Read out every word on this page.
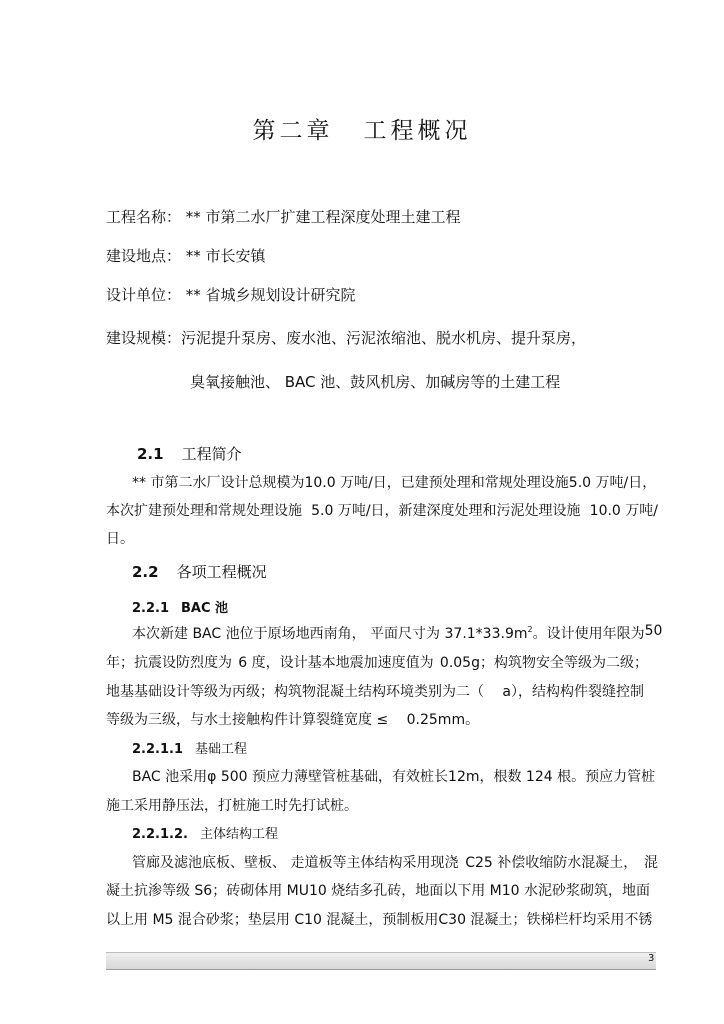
第二章 工程概况
工程名称： ** 市第二水厂扩建工程深度处理土建工程
建设地点： ** 市长安镇
设计单位： ** 省城乡规划设计研究院
建设规模：污泥提升泵房、废水池、污泥浓缩池、脱水机房、提升泵房，
臭氧接触池、 BAC 池、鼓风机房、加碱房等的土建工程
2.1 工程简介
** 市第二水厂设计总规模为 10.0 万吨/日，已建预处理和常规处理设施 5.0 万吨/日，
本次扩建预处理和常规处理设施 5.0 万吨/日，新建深度处理和污泥处理设施 10.0 万吨/
日。
2.2 各项工程概况
2.2.1 BAC 池
本次新建 BAC 池位于原场地西南角， 平面尺寸为 $37.1*33.9m^2$。设计使用年限为 50
年；抗震设防烈度为 6 度，设计基本地震加速度值为 0.05g；构筑物安全等级为二级；
地基基础设计等级为丙级；构筑物混凝土结构环境类别为二（ a），结构构件裂缝控制
等级为三级，与水土接触构件计算裂缝宽度 ≤　 0.25mm。
2.2.1.1 基础工程
BAC 池采用φ 500 预应力薄壁管桩基础，有效桩长 12m，根数 124 根。预应力管桩
施工采用静压法，打桩施工时先打试桩。
2.2.1.2. 主体结构工程
管廊及滤池底板、壁板、 走道板等主体结构采用现浇 C25 补偿收缩防水混凝土， 混
凝土抗渗等级 S6；砖砌体用 MU10 烧结多孔砖，地面以下用 M10 水泥砂浆砌筑，地面
以上用 M5 混合砂浆； 垫层用 C10 混凝土，预制板用 C30 混凝土； 铁梯栏杆均采用不锈
3
